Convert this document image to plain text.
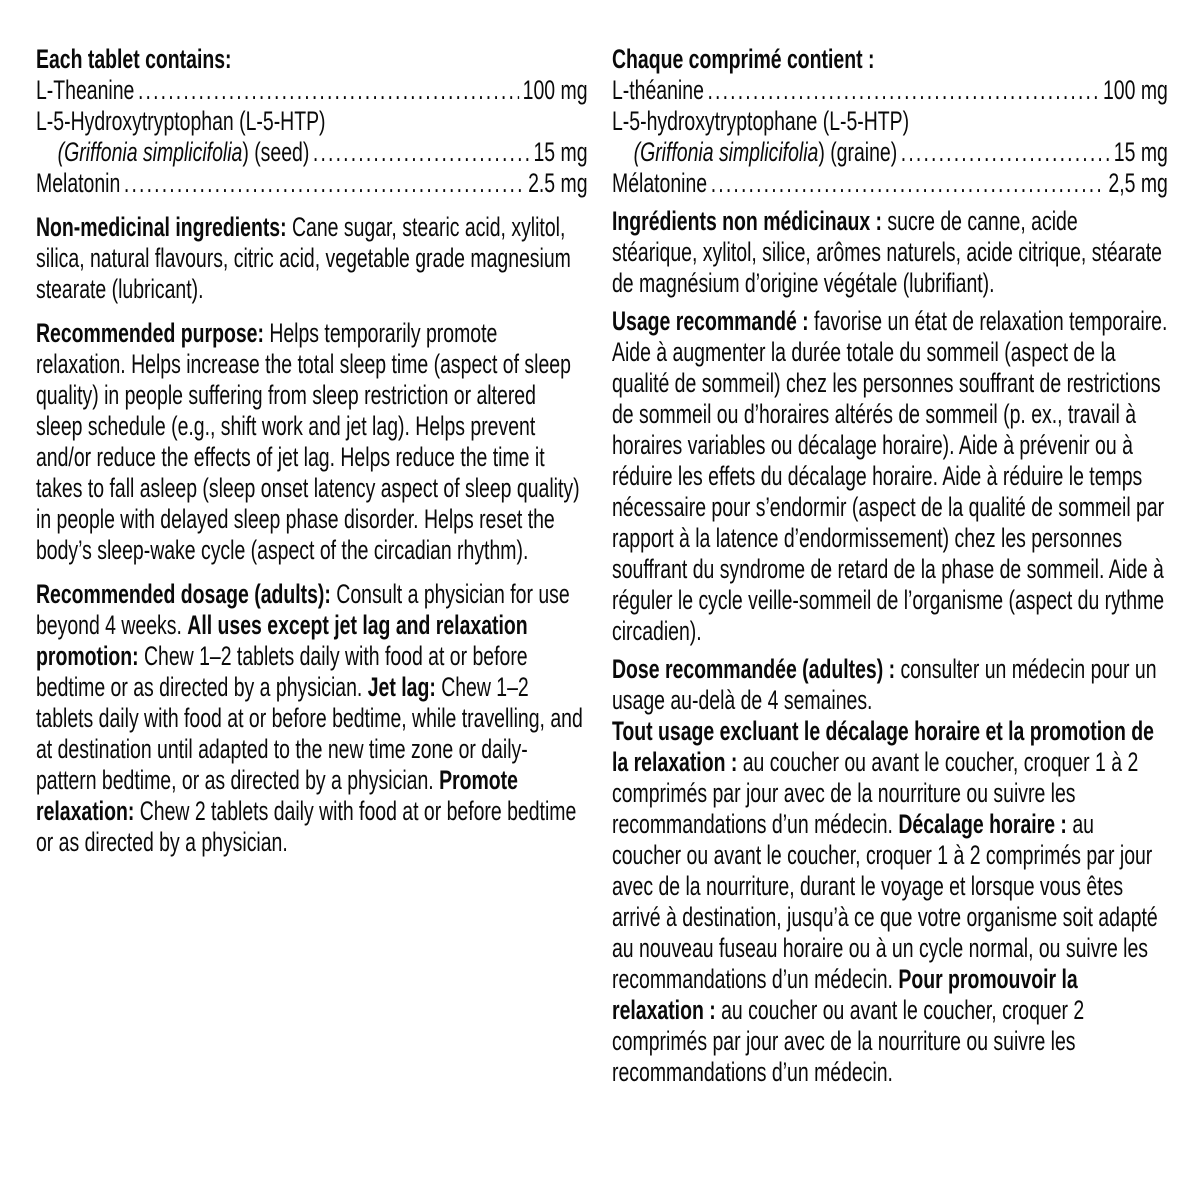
Each tablet contains:
L-Theanine .....	100 mg
L-5-Hydroxytryptophan (L-5-HTP)
(Griffonia simplicifolia) (seed) .....	15 mg
Melatonin .....	2.5 mg

Non-medicinal ingredients: Cane sugar, stearic acid, xylitol, silica, natural flavours, citric acid, vegetable grade magnesium stearate (lubricant).

Recommended purpose: Helps temporarily promote relaxation. Helps increase the total sleep time (aspect of sleep quality) in people suffering from sleep restriction or altered sleep schedule (e.g., shift work and jet lag). Helps prevent and/or reduce the effects of jet lag. Helps reduce the time it takes to fall asleep (sleep onset latency aspect of sleep quality) in people with delayed sleep phase disorder. Helps reset the body’s sleep-wake cycle (aspect of the circadian rhythm).

Recommended dosage (adults): Consult a physician for use beyond 4 weeks. All uses except jet lag and relaxation promotion: Chew 1–2 tablets daily with food at or before bedtime or as directed by a physician. Jet lag: Chew 1–2 tablets daily with food at or before bedtime, while travelling, and at destination until adapted to the new time zone or daily-pattern bedtime, or as directed by a physician. Promote relaxation: Chew 2 tablets daily with food at or before bedtime or as directed by a physician.

Chaque comprimé contient :
L-théanine .....	100 mg
L-5-hydroxytryptophane (L-5-HTP)
(Griffonia simplicifolia) (graine) .....	15 mg
Mélatonine .....	2,5 mg

Ingrédients non médicinaux : sucre de canne, acide stéarique, xylitol, silice, arômes naturels, acide citrique, stéarate de magnésium d’origine végétale (lubrifiant).

Usage recommandé : favorise un état de relaxation temporaire. Aide à augmenter la durée totale du sommeil (aspect de la qualité de sommeil) chez les personnes souffrant de restrictions de sommeil ou d’horaires altérés de sommeil (p. ex., travail à horaires variables ou décalage horaire). Aide à prévenir ou à réduire les effets du décalage horaire. Aide à réduire le temps nécessaire pour s’endormir (aspect de la qualité de sommeil par rapport à la latence d’endormissement) chez les personnes souffrant du syndrome de retard de la phase de sommeil. Aide à réguler le cycle veille-sommeil de l’organisme (aspect du rythme circadien).

Dose recommandée (adultes) : consulter un médecin pour un usage au-delà de 4 semaines.
Tout usage excluant le décalage horaire et la promotion de la relaxation : au coucher ou avant le coucher, croquer 1 à 2 comprimés par jour avec de la nourriture ou suivre les recommandations d’un médecin. Décalage horaire : au coucher ou avant le coucher, croquer 1 à 2 comprimés par jour avec de la nourriture, durant le voyage et lorsque vous êtes arrivé à destination, jusqu’à ce que votre organisme soit adapté au nouveau fuseau horaire ou à un cycle normal, ou suivre les recommandations d’un médecin. Pour promouvoir la relaxation : au coucher ou avant le coucher, croquer 2 comprimés par jour avec de la nourriture ou suivre les recommandations d’un médecin.
